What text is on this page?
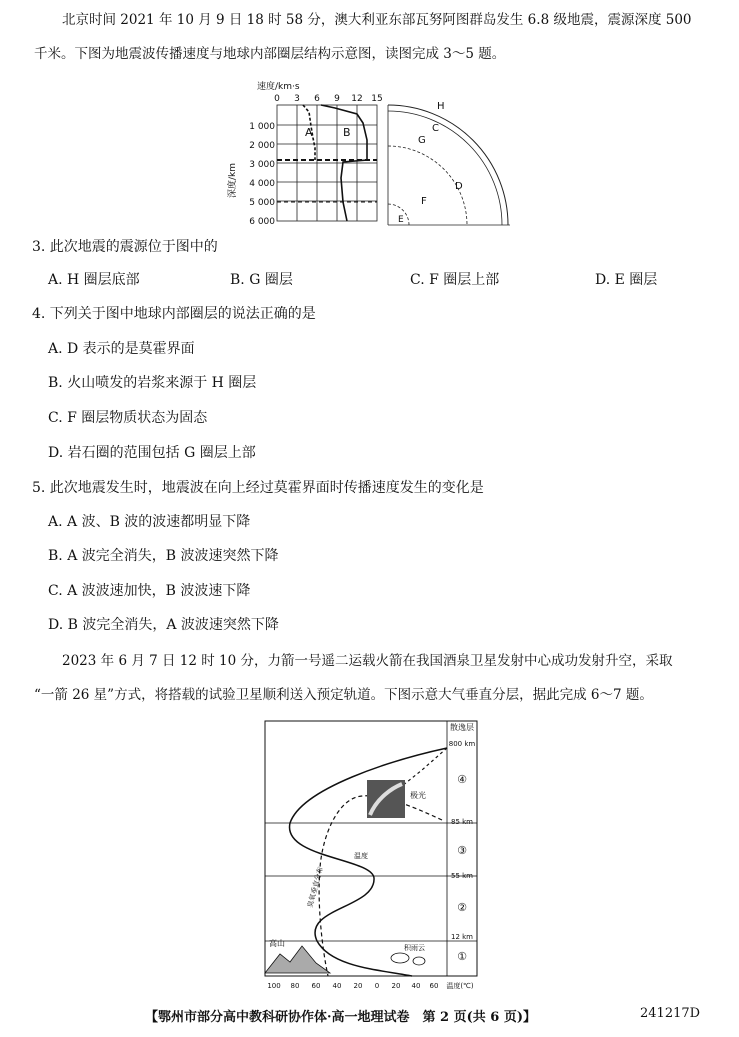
北京时间 2021 年 10 月 9 日 18 时 58 分，澳大利亚东部瓦努阿图群岛发生 6.8 级地震，震源深度 500
千米。下图为地震波传播速度与地球内部圈层结构示意图，读图完成 3～5 题。
速度/km·s
0 3 6 9 12 15
1 000
2 000
3 000
4 000
5 000
6 000
深度/km
A	B
H
C
G
F
D
E
3. 此次地震的震源位于图中的
A. H 圈层底部	B. G 圈层	C. F 圈层上部	D. E 圈层
4. 下列关于图中地球内部圈层的说法正确的是
A. D 表示的是莫霍界面
B. 火山喷发的岩浆来源于 H 圈层
C. F 圈层物质状态为固态
D. 岩石圈的范围包括 G 圈层上部
5. 此次地震发生时，地震波在向上经过莫霍界面时传播速度发生的变化是
A. A 波、B 波的波速都明显下降
B. A 波完全消失，B 波波速突然下降
C. A 波波速加快，B 波波速下降
D. B 波完全消失，A 波波速突然下降
2023 年 6 月 7 日 12 时 10 分，力箭一号遥二运载火箭在我国酒泉卫星发射中心成功发射升空，采取
“一箭 26 星”方式，将搭载的试验卫星顺利送入预定轨道。下图示意大气垂直分层，据此完成 6～7 题。
散逸层
800 km
85 km
55 km
12 km
④
③
②
①
极光
温度
臭氧垂直分布
高山	积雨云
100 80 60 40 20 0 20 40 60 温度(℃)
【鄂州市部分高中教科研协作体·高一地理试卷　第 2 页(共 6 页)】	241217D
